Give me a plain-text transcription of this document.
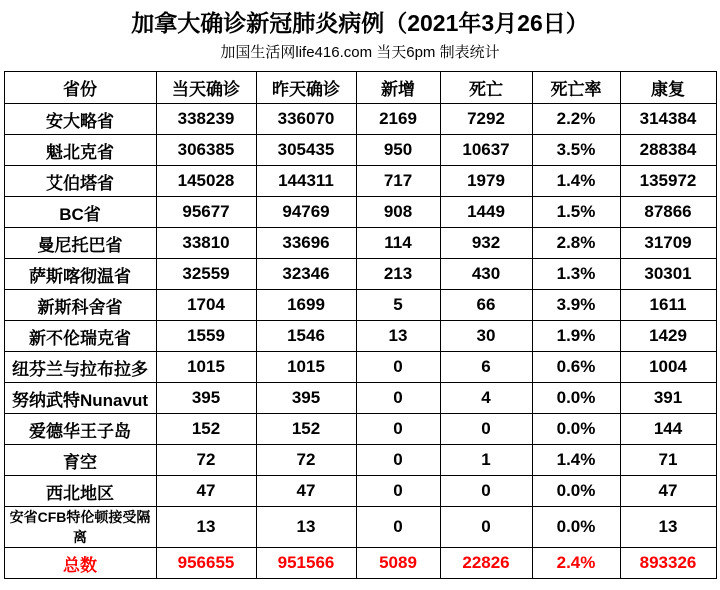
加拿大确诊新冠肺炎病例（2021年3月26日）
加国生活网life416.com 当天6pm 制表统计
省份	当天确诊	昨天确诊	新增	死亡	死亡率	康复
安大略省	338239	336070	2169	7292	2.2%	314384
魁北克省	306385	305435	950	10637	3.5%	288384
艾伯塔省	145028	144311	717	1979	1.4%	135972
BC省	95677	94769	908	1449	1.5%	87866
曼尼托巴省	33810	33696	114	932	2.8%	31709
萨斯喀彻温省	32559	32346	213	430	1.3%	30301
新斯科舍省	1704	1699	5	66	3.9%	1611
新不伦瑞克省	1559	1546	13	30	1.9%	1429
纽芬兰与拉布拉多	1015	1015	0	6	0.6%	1004
努纳武特Nunavut	395	395	0	4	0.0%	391
爱德华王子岛	152	152	0	0	0.0%	144
育空	72	72	0	1	1.4%	71
西北地区	47	47	0	0	0.0%	47
安省CFB特伦顿接受隔离	13	13	0	0	0.0%	13
总数	956655	951566	5089	22826	2.4%	893326
